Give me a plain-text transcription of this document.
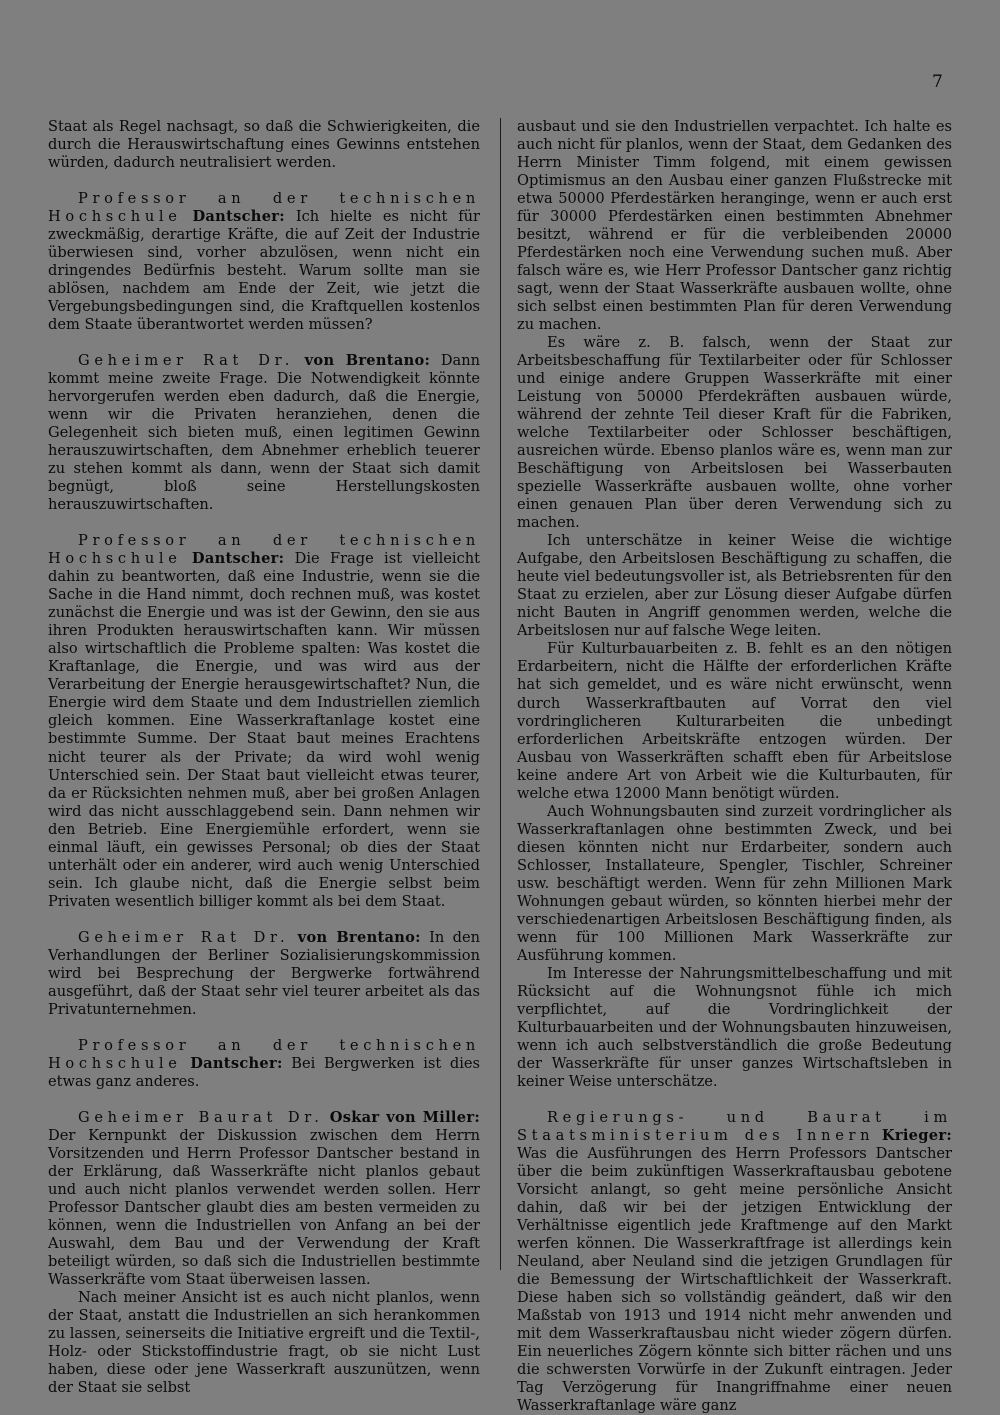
7

Staat als Regel nachsagt, so daß die Schwierigkeiten, die durch die Herauswirtschaftung eines Gewinns entstehen würden, dadurch neutralisiert werden.

Professor an der technischen Hochschule Dantscher: Ich hielte es nicht für zweckmäßig, derartige Kräfte, die auf Zeit der Industrie überwiesen sind, vorher abzulösen, wenn nicht ein dringendes Bedürfnis besteht. Warum sollte man sie ablösen, nachdem am Ende der Zeit, wie jetzt die Vergebungsbedingungen sind, die Kraftquellen kostenlos dem Staate überantwortet werden müssen?

Geheimer Rat Dr. von Brentano: Dann kommt meine zweite Frage. Die Notwendigkeit könnte hervorgerufen werden eben dadurch, daß die Energie, wenn wir die Privaten heranziehen, denen die Gelegenheit sich bieten muß, einen legitimen Gewinn herauszuwirtschaften, dem Abnehmer erheblich teuerer zu stehen kommt als dann, wenn der Staat sich damit begnügt, bloß seine Herstellungskosten herauszuwirtschaften.

Professor an der technischen Hochschule Dantscher: Die Frage ist vielleicht dahin zu beantworten, daß eine Industrie, wenn sie die Sache in die Hand nimmt, doch rechnen muß, was kostet zunächst die Energie und was ist der Gewinn, den sie aus ihren Produkten herauswirtschaften kann. Wir müssen also wirtschaftlich die Probleme spalten: Was kostet die Kraftanlage, die Energie, und was wird aus der Verarbeitung der Energie herausgewirtschaftet? Nun, die Energie wird dem Staate und dem Industriellen ziemlich gleich kommen. Eine Wasserkraftanlage kostet eine bestimmte Summe. Der Staat baut meines Erachtens nicht teurer als der Private; da wird wohl wenig Unterschied sein. Der Staat baut vielleicht etwas teurer, da er Rücksichten nehmen muß, aber bei großen Anlagen wird das nicht ausschlaggebend sein. Dann nehmen wir den Betrieb. Eine Energiemühle erfordert, wenn sie einmal läuft, ein gewisses Personal; ob dies der Staat unterhält oder ein anderer, wird auch wenig Unterschied sein. Ich glaube nicht, daß die Energie selbst beim Privaten wesentlich billiger kommt als bei dem Staat.

Geheimer Rat Dr. von Brentano: In den Verhandlungen der Berliner Sozialisierungskommission wird bei Besprechung der Bergwerke fortwährend ausgeführt, daß der Staat sehr viel teurer arbeitet als das Privatunternehmen.

Professor an der technischen Hochschule Dantscher: Bei Bergwerken ist dies etwas ganz anderes.

Geheimer Baurat Dr. Oskar von Miller: Der Kernpunkt der Diskussion zwischen dem Herrn Vorsitzenden und Herrn Professor Dantscher bestand in der Erklärung, daß Wasserkräfte nicht planlos gebaut und auch nicht planlos verwendet werden sollen. Herr Professor Dantscher glaubt dies am besten vermeiden zu können, wenn die Industriellen von Anfang an bei der Auswahl, dem Bau und der Verwendung der Kraft beteiligt würden, so daß sich die Industriellen bestimmte Wasserkräfte vom Staat überweisen lassen.

Nach meiner Ansicht ist es auch nicht planlos, wenn der Staat, anstatt die Industriellen an sich herankommen zu lassen, seinerseits die Initiative ergreift und die Textil-, Holz- oder Stickstoffindustrie fragt, ob sie nicht Lust haben, diese oder jene Wasserkraft auszunützen, wenn der Staat sie selbst

ausbaut und sie den Industriellen verpachtet. Ich halte es auch nicht für planlos, wenn der Staat, dem Gedanken des Herrn Minister Timm folgend, mit einem gewissen Optimismus an den Ausbau einer ganzen Flußstrecke mit etwa 50000 Pferdestärken herangingе, wenn er auch erst für 30000 Pferdestärken einen bestimmten Abnehmer besitzt, während er für die verbleibenden 20000 Pferdestärken noch eine Verwendung suchen muß. Aber falsch wäre es, wie Herr Professor Dantscher ganz richtig sagt, wenn der Staat Wasserkräfte ausbauen wollte, ohne sich selbst einen bestimmten Plan für deren Verwendung zu machen.

Es wäre z. B. falsch, wenn der Staat zur Arbeitsbeschaffung für Textilarbeiter oder für Schlosser und einige andere Gruppen Wasserkräfte mit einer Leistung von 50000 Pferdekräften ausbauen würde, während der zehnte Teil dieser Kraft für die Fabriken, welche Textilarbeiter oder Schlosser beschäftigen, ausreichen würde. Ebenso planlos wäre es, wenn man zur Beschäftigung von Arbeitslosen bei Wasserbauten spezielle Wasserkräfte ausbauen wollte, ohne vorher einen genauen Plan über deren Verwendung sich zu machen.

Ich unterschätze in keiner Weise die wichtige Aufgabe, den Arbeitslosen Beschäftigung zu schaffen, die heute viel bedeutungsvoller ist, als Betriebsrenten für den Staat zu erzielen, aber zur Lösung dieser Aufgabe dürfen nicht Bauten in Angriff genommen werden, welche die Arbeitslosen nur auf falsche Wege leiten.

Für Kulturbauarbeiten z. B. fehlt es an den nötigen Erdarbeitern, nicht die Hälfte der erforderlichen Kräfte hat sich gemeldet, und es wäre nicht erwünscht, wenn durch Wasserkraftbauten auf Vorrat den viel vordringlicheren Kulturarbeiten die unbedingt erforderlichen Arbeitskräfte entzogen würden. Der Ausbau von Wasserkräften schafft eben für Arbeitslose keine andere Art von Arbeit wie die Kulturbauten, für welche etwa 12000 Mann benötigt würden.

Auch Wohnungsbauten sind zurzeit vordringlicher als Wasserkraftanlagen ohne bestimmten Zweck, und bei diesen könnten nicht nur Erdarbeiter, sondern auch Schlosser, Installateure, Spengler, Tischler, Schreiner usw. beschäftigt werden. Wenn für zehn Millionen Mark Wohnungen gebaut würden, so könnten hierbei mehr der verschiedenartigen Arbeitslosen Beschäftigung finden, als wenn für 100 Millionen Mark Wasserkräfte zur Ausführung kommen.

Im Interesse der Nahrungsmittelbeschaffung und mit Rücksicht auf die Wohnungsnot fühle ich mich verpflichtet, auf die Vordringlichkeit der Kulturbauarbeiten und der Wohnungsbauten hinzuweisen, wenn ich auch selbstverständlich die große Bedeutung der Wasserkräfte für unser ganzes Wirtschaftsleben in keiner Weise unterschätze.

Regierungs- und Baurat im Staatsministerium des Innern Krieger: Was die Ausführungen des Herrn Professors Dantscher über die beim zukünftigen Wasserkraftausbau gebotene Vorsicht anlangt, so geht meine persönliche Ansicht dahin, daß wir bei der jetzigen Entwicklung der Verhältnisse eigentlich jede Kraftmenge auf den Markt werfen können. Die Wasserkraftfrage ist allerdings kein Neuland, aber Neuland sind die jetzigen Grundlagen für die Bemessung der Wirtschaftlichkeit der Wasserkraft. Diese haben sich so vollständig geändert, daß wir den Maßstab von 1913 und 1914 nicht mehr anwenden und mit dem Wasserkraftausbau nicht wieder zögern dürfen. Ein neuerliches Zögern könnte sich bitter rächen und uns die schwersten Vorwürfe in der Zukunft eintragen. Jeder Tag Verzögerung für Inangriffnahme einer neuen Wasserkraftanlage wäre ganz
